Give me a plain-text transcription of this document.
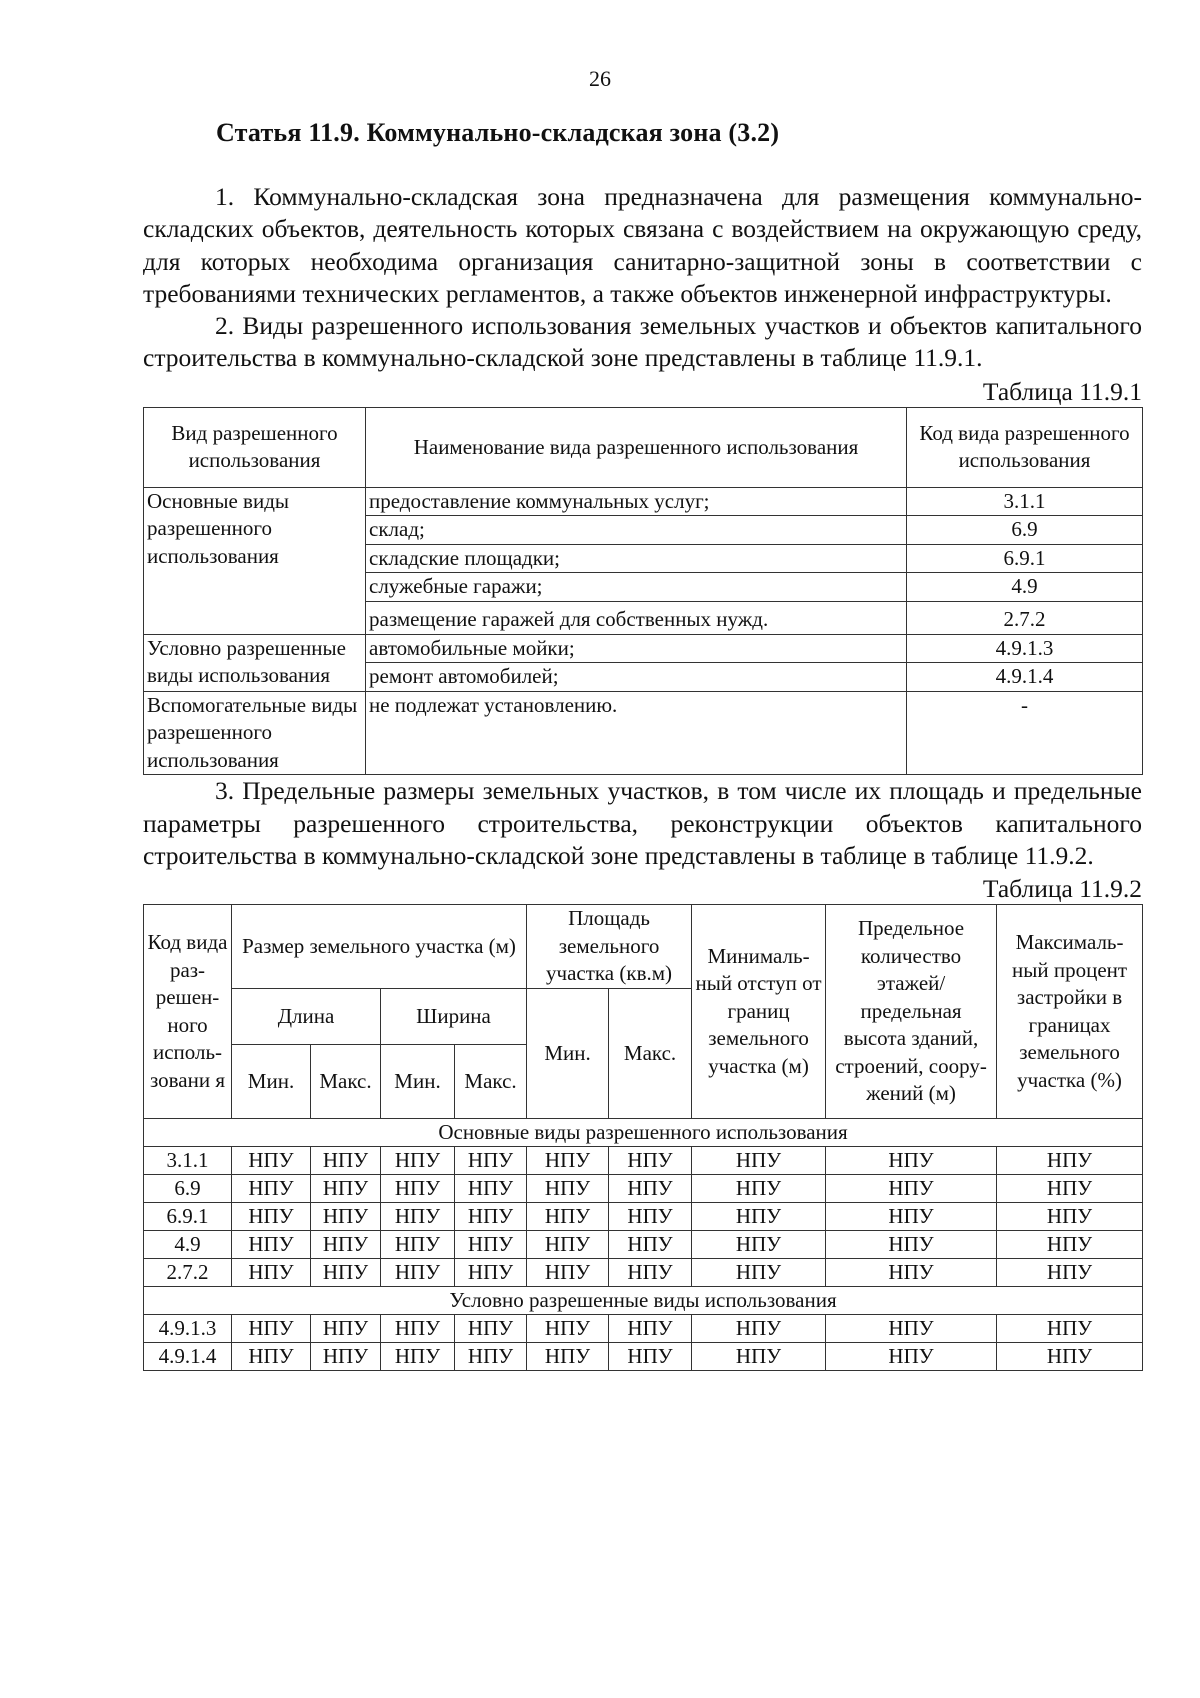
26
Статья 11.9. Коммунально-складская зона (3.2)

1. Коммунально-складская зона предназначена для размещения коммунально-складских объектов, деятельность которых связана с воздействием на окружающую среду, для которых необходима организация санитарно-защитной зоны в соответствии с требованиями технических регламентов, а также объектов инженерной инфраструктуры.

2. Виды разрешенного использования земельных участков и объектов капитального строительства в коммунально-складской зоне представлены в таблице 11.9.1.

Таблица 11.9.1
Вид разрешенного использования	Наименование вида разрешенного использования	Код вида разрешенного использования
Основные виды разрешенного использования	предоставление коммунальных услуг;	3.1.1
	склад;	6.9
	складские площадки;	6.9.1
	служебные гаражи;	4.9
	размещение гаражей для собственных нужд.	2.7.2
Условно разрешенные виды использования	автомобильные мойки;	4.9.1.3
	ремонт автомобилей;	4.9.1.4
Вспомогательные виды разрешенного использования	не подлежат установлению.	-

3. Предельные размеры земельных участков, в том числе их площадь и предельные параметры разрешенного строительства, реконструкции объектов капитального строительства в коммунально-складской зоне представлены в таблице в таблице 11.9.2.

Таблица 11.9.2
Код вида раз-решен-ного исполь-зовани я	Размер земельного участка (м)				Площадь земельного участка (кв.м)		Минималь-ный отступ от границ земельного участка (м)	Предельное количество этажей/ предельная высота зданий, строений, соору-жений (м)	Максималь-ный процент застройки в границах земельного участка (%)
	Длина		Ширина		Мин.	Макс.			
	Мин.	Макс.	Мин.	Макс.					
Основные виды разрешенного использования									
3.1.1	НПУ	НПУ	НПУ	НПУ	НПУ	НПУ	НПУ	НПУ	НПУ
6.9	НПУ	НПУ	НПУ	НПУ	НПУ	НПУ	НПУ	НПУ	НПУ
6.9.1	НПУ	НПУ	НПУ	НПУ	НПУ	НПУ	НПУ	НПУ	НПУ
4.9	НПУ	НПУ	НПУ	НПУ	НПУ	НПУ	НПУ	НПУ	НПУ
2.7.2	НПУ	НПУ	НПУ	НПУ	НПУ	НПУ	НПУ	НПУ	НПУ
Условно разрешенные виды использования									
4.9.1.3	НПУ	НПУ	НПУ	НПУ	НПУ	НПУ	НПУ	НПУ	НПУ
4.9.1.4	НПУ	НПУ	НПУ	НПУ	НПУ	НПУ	НПУ	НПУ	НПУ
